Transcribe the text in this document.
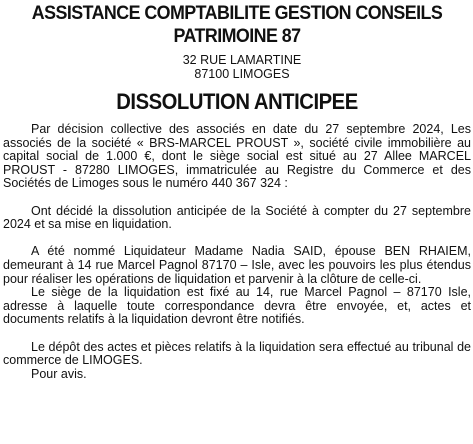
ASSISTANCE COMPTABILITE GESTION CONSEILS
PATRIMOINE 87
32 RUE LAMARTINE
87100 LIMOGES
DISSOLUTION ANTICIPEE

Par décision collective des associés en date du 27 septembre 2024, Les associés de la société « BRS-MARCEL PROUST », société civile immobilière au capital social de 1.000 €, dont le siège social est situé au 27 Allee MARCEL PROUST - 87280 LIMOGES, immatriculée au Registre du Commerce et des Sociétés de Limoges sous le numéro 440 367 324 :

Ont décidé la dissolution anticipée de la Société à compter du 27 septembre 2024 et sa mise en liquidation.

A été nommé Liquidateur Madame Nadia SAID, épouse BEN RHAIEM, demeurant à 14 rue Marcel Pagnol 87170 – Isle, avec les pouvoirs les plus étendus pour réaliser les opérations de liquidation et parvenir à la clôture de celle-ci.

Le siège de la liquidation est fixé au 14, rue Marcel Pagnol – 87170 Isle, adresse à laquelle toute correspondance devra être envoyée, et, actes et documents relatifs à la liquidation devront être notifiés.

Le dépôt des actes et pièces relatifs à la liquidation sera effectué au tribunal de commerce de LIMOGES.

Pour avis.
